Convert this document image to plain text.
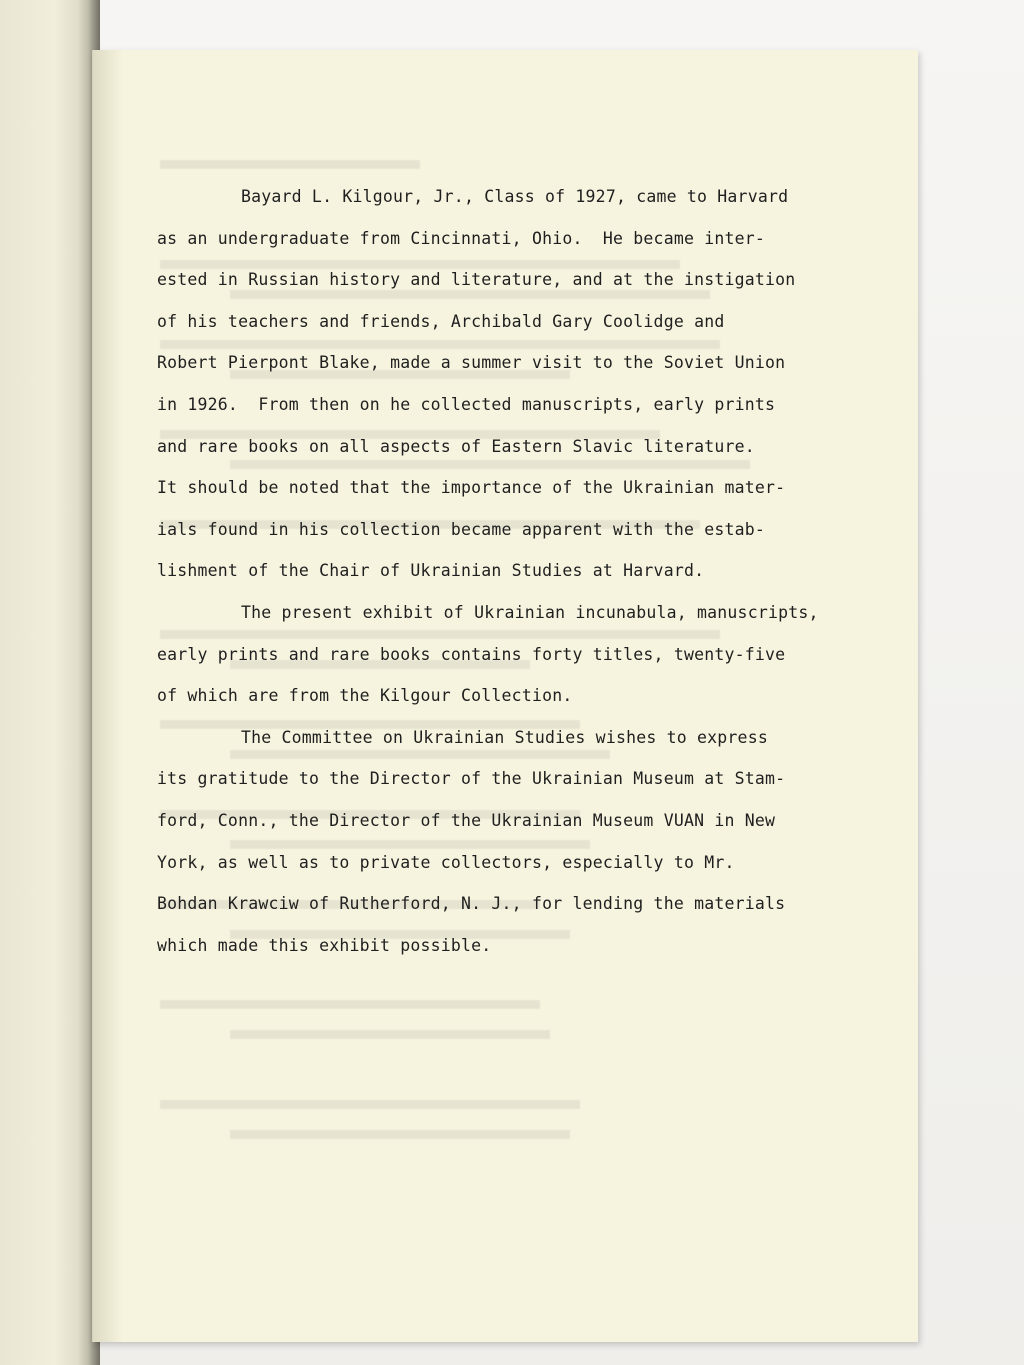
Bayard L. Kilgour, Jr., Class of 1927, came to Harvard
as an undergraduate from Cincinnati, Ohio.  He became inter-
ested in Russian history and literature, and at the instigation
of his teachers and friends, Archibald Gary Coolidge and
Robert Pierpont Blake, made a summer visit to the Soviet Union
in 1926.  From then on he collected manuscripts, early prints
and rare books on all aspects of Eastern Slavic literature.
It should be noted that the importance of the Ukrainian mater-
ials found in his collection became apparent with the estab-
lishment of the Chair of Ukrainian Studies at Harvard.
The present exhibit of Ukrainian incunabula, manuscripts,
early prints and rare books contains forty titles, twenty-five
of which are from the Kilgour Collection.
The Committee on Ukrainian Studies wishes to express
its gratitude to the Director of the Ukrainian Museum at Stam-
ford, Conn., the Director of the Ukrainian Museum VUAN in New
York, as well as to private collectors, especially to Mr.
Bohdan Krawciw of Rutherford, N. J., for lending the materials
which made this exhibit possible.
